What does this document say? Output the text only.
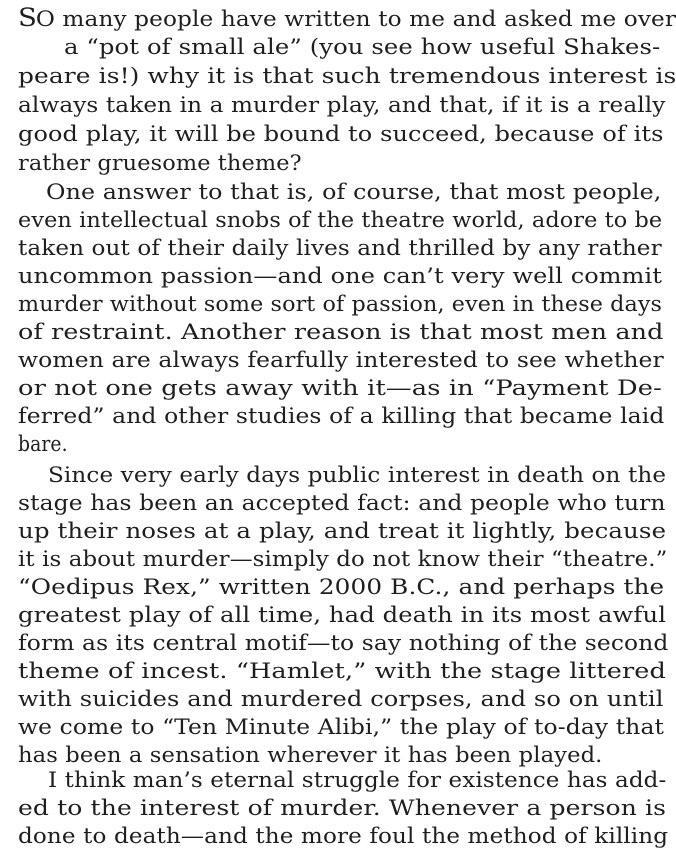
SO many people have written to me and asked me over
a “pot of small ale” (you see how useful Shakes-
peare is!) why it is that such tremendous interest is
always taken in a murder play, and that, if it is a really
good play, it will be bound to succeed, because of its
rather gruesome theme?
One answer to that is, of course, that most people,
even intellectual snobs of the theatre world, adore to be
taken out of their daily lives and thrilled by any rather
uncommon passion—and one can’t very well commit
murder without some sort of passion, even in these days
of restraint. Another reason is that most men and
women are always fearfully interested to see whether
or not one gets away with it—as in “Payment De-
ferred” and other studies of a killing that became laid
bare.
Since very early days public interest in death on the
stage has been an accepted fact: and people who turn
up their noses at a play, and treat it lightly, because
it is about murder—simply do not know their “theatre.”
“Oedipus Rex,” written 2000 B.C., and perhaps the
greatest play of all time, had death in its most awful
form as its central motif—to say nothing of the second
theme of incest. “Hamlet,” with the stage littered
with suicides and murdered corpses, and so on until
we come to “Ten Minute Alibi,” the play of to-day that
has been a sensation wherever it has been played.
I think man’s eternal struggle for existence has add-
ed to the interest of murder. Whenever a person is
done to death—and the more foul the method of killing
